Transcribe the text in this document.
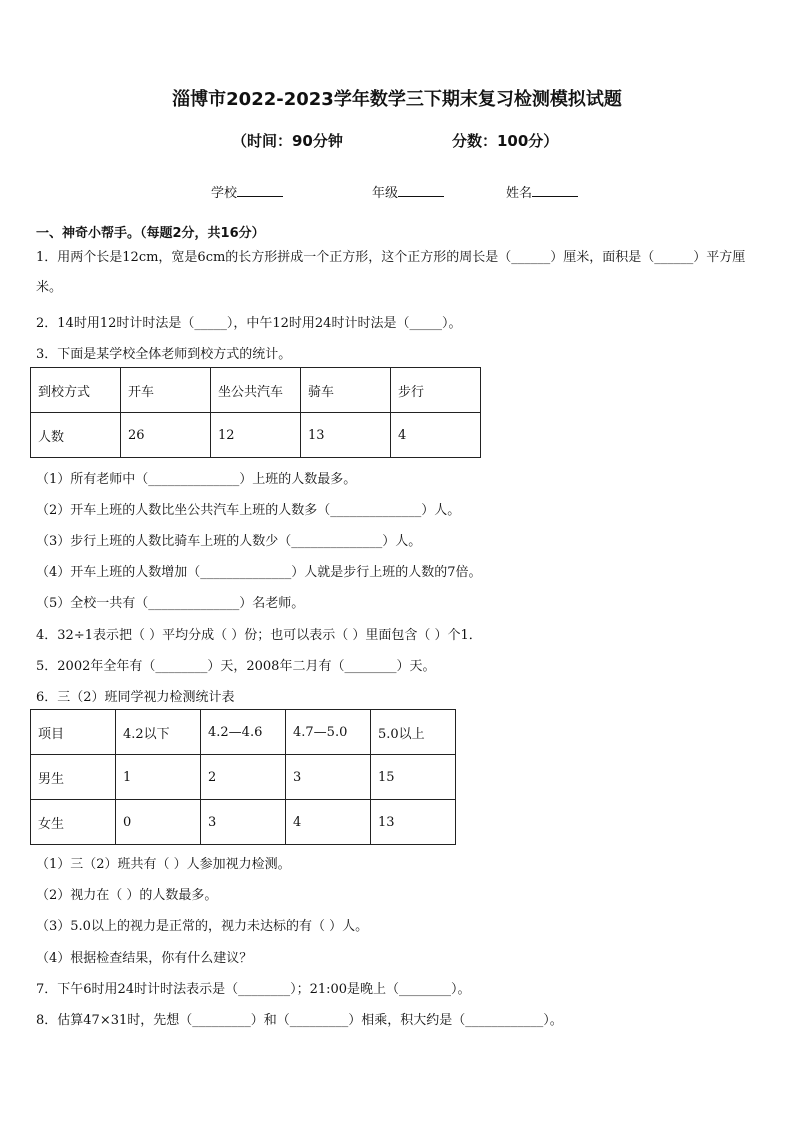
淄博市2022-2023学年数学三下期末复习检测模拟试题
（时间：90分钟	分数：100分）
学校	年级	姓名
一、神奇小帮手。（每题2分，共16分）
1．用两个长是12cm，宽是6cm的长方形拼成一个正方形，这个正方形的周长是（______）厘米，面积是（______）平方厘米。
2．14时用12时计时法是（_____），中午12时用24时计时法是（_____）。
3．下面是某学校全体老师到校方式的统计。
到校方式	开车	坐公共汽车	骑车	步行
人数	26	12	13	4
（1）所有老师中（______________）上班的人数最多。
（2）开车上班的人数比坐公共汽车上班的人数多（______________）人。
（3）步行上班的人数比骑车上班的人数少（______________）人。
（4）开车上班的人数增加（______________）人就是步行上班的人数的7倍。
（5）全校一共有（______________）名老师。
4．32÷1表示把（ ）平均分成（ ）份；也可以表示（ ）里面包含（ ）个1．
5．2002年全年有（________）天，2008年二月有（________）天。
6．三（2）班同学视力检测统计表
项目	4.2以下	4.2—4.6	4.7—5.0	5.0以上
男生	1	2	3	15
女生	0	3	4	13
（1）三（2）班共有（ ）人参加视力检测。
（2）视力在（ ）的人数最多。
（3）5.0以上的视力是正常的，视力未达标的有（ ）人。
（4）根据检查结果，你有什么建议？
7．下午6时用24时计时法表示是（________）；21:00是晚上（________）。
8．估算47×31时，先想（_________）和（_________）相乘，积大约是（____________）。
